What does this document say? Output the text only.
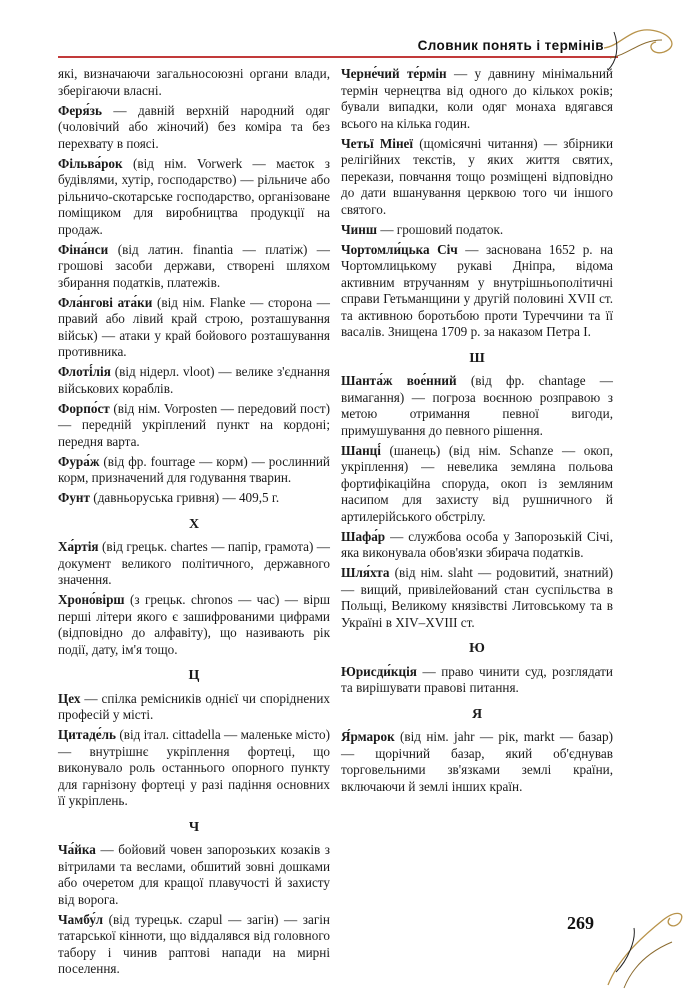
Словник понять і термінів
які, визначаючи загальносоюзні органи влади, зберігаючи власні.
Феря́зь — давній верхній народний одяг (чоловічий або жіночий) без коміра та без перехвату в поясі.
Фільва́рок (від нім. Vorwerk — маєток з будівлями, хутір, господарство) — рільниче або рільничо-скотарське господарство, організоване поміщиком для виробництва продукції на продаж.
Фіна́нси (від латин. finantia — платіж) — грошові засоби держави, створені шляхом збирання податків, платежів.
Фла́нгові ата́ки (від нім. Flanke — сторона — правий або лівий край строю, розташування військ) — атаки у край бойового розташування противника.
Флоті́лія (від нідерл. vloot) — велике з'єднання військових кораблів.
Форпо́ст (від нім. Vorposten — передовий пост) — передній укріплений пункт на кордоні; передня варта.
Фура́ж (від фр. fourrage — корм) — рослинний корм, призначений для годування тварин.
Фунт (давньоруська гривня) — 409,5 г.
Х
Ха́ртія (від грецьк. chartes — папір, грамота) — документ великого політичного, державного значення.
Хроно́вірш (з грецьк. chronos — час) — вірш перші літери якого є зашифрованими цифрами (відповідно до алфавіту), що називають рік події, дату, ім'я тощо.
Ц
Цех — спілка ремісників однієї чи споріднених професій у місті.
Цитаде́ль (від італ. cittadella — маленьке місто) — внутрішнє укріплення фортеці, що виконувало роль останнього опорного пункту для гарнізону фортеці у разі падіння основних її укріплень.
Ч
Ча́йка — бойовий човен запорозьких козаків з вітрилами та веслами, обшитий зовні дошками або очеретом для кращої плавучості й захисту від ворога.
Чамбу́л (від турецьк. czapul — загін) — загін татарської кінноти, що віддалявся від головного табору і чинив раптові напади на мирні поселення.
Черне́чий те́рмін — у давнину мінімальний термін чернецтва від одного до кількох років; бували випадки, коли одяг монаха вдягався всього на кілька годин.
Четьї Мінеї (щомісячні читання) — збірники релігійних текстів, у яких життя святих, перекази, повчання тощо розміщені відповідно до дати вшанування церквою того чи іншого святого.
Чинш — грошовий податок.
Чортомли́цька Січ — заснована 1652 р. на Чортомлицькому рукаві Дніпра, відома активним втручанням у внутрішньополітичні справи Гетьманщини у другій половині XVII ст. та активною боротьбою проти Туреччини та її васалів. Знищена 1709 р. за наказом Петра І.
Ш
Шанта́ж вое́нний (від фр. chantage — вимагання) — погроза воєнною розправою з метою отримання певної вигоди, примушування до певного рішення.
Шанці́ (шанець) (від нім. Schanze — окоп, укріплення) — невелика земляна польова фортифікаційна споруда, окоп із земляним насипом для захисту від рушничного й артилерійського обстрілу.
Шафа́р — службова особа у Запорозькій Січі, яка виконувала обов'язки збирача податків.
Шля́хта (від нім. slaht — родовитий, знатний) — вищий, привілейований стан суспільства в Польщі, Великому князівстві Литовському та в Україні в XIV–XVIII ст.
Ю
Юрисди́кція — право чинити суд, розглядати та вирішувати правові питання.
Я
Я́рмарок (від нім. jahr — рік, markt — базар) — щорічний базар, який об'єднував торговельними зв'язками землі країни, включаючи й землі інших країн.
269
